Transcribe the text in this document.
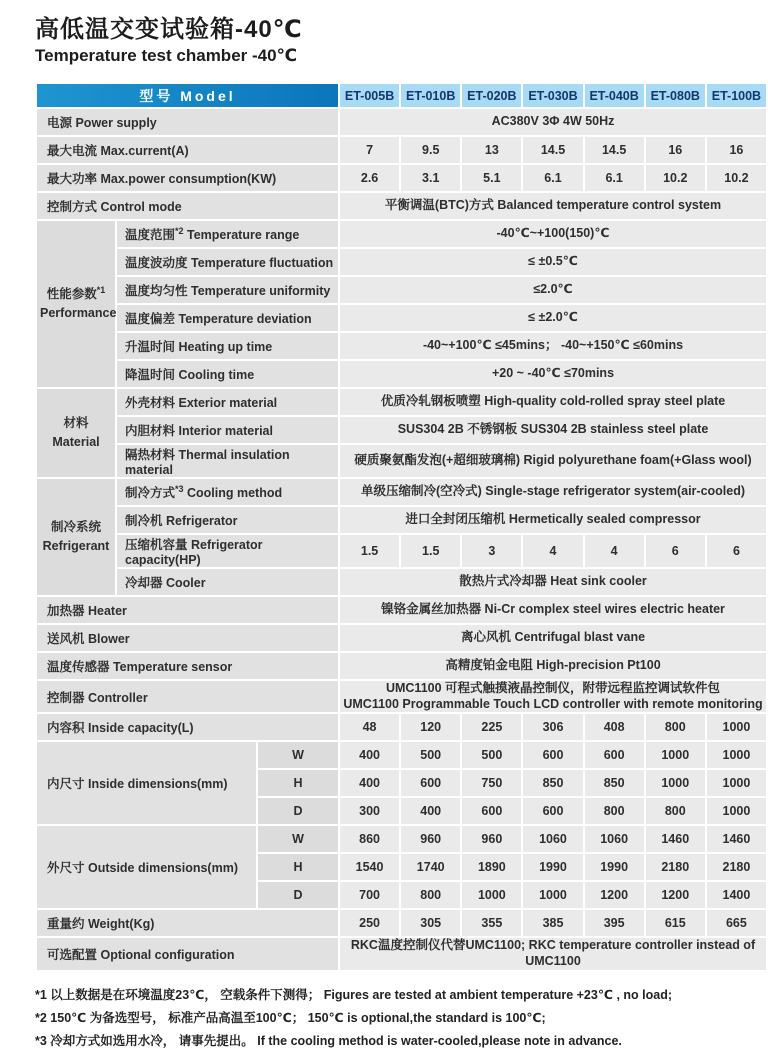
高低温交变试验箱-40℃
Temperature test chamber -40℃
型号 Model			ET-005B	ET-010B	ET-020B	ET-030B	ET-040B	ET-080B	ET-100B
电源 Power supply			AC380V 3Φ 4W 50Hz						
最大电流 Max.current(A)			7	9.5	13	14.5	14.5	16	16
最大功率 Max.power consumption(KW)			2.6	3.1	5.1	6.1	6.1	10.2	10.2
控制方式 Control mode			平衡调温(BTC)方式 Balanced temperature control system						

性能参数$^{*1}$
Performance	温度范围$^{*2}$ Temperature range		-40℃~+100(150)℃						
	温度波动度 Temperature fluctuation		≤ ±0.5℃						
	温度均匀性 Temperature uniformity		≤2.0℃						
	温度偏差 Temperature deviation		≤ ±2.0℃						
	升温时间 Heating up time		-40~+100℃ ≤45mins； -40~+150℃ ≤60mins						
	降温时间 Cooling time		+20 ~ -40℃ ≤70mins						

材料
Material	外壳材料 Exterior material		优质冷轧钢板喷塑 High-quality cold-rolled spray steel plate						
	内胆材料 Interior material		SUS304 2B 不锈钢板 SUS304 2B stainless steel plate						
	隔热材料 Thermal insulation material		硬质聚氨酯发泡(+超细玻璃棉) Rigid polyurethane foam(+Glass wool)						

制冷系统
Refrigerant	制冷方式$^{*3}$ Cooling method		单级压缩制冷(空冷式) Single-stage refrigerator system(air-cooled)						
	制冷机 Refrigerator		进口全封闭压缩机 Hermetically sealed compressor						
	压缩机容量 Refrigerator capacity(HP)		1.5	1.5	3	4	4	6	6
	冷却器 Cooler		散热片式冷却器 Heat sink cooler						
加热器 Heater			镍铬金属丝加热器 Ni-Cr complex steel wires electric heater						
送风机 Blower			离心风机 Centrifugal blast vane						
温度传感器 Temperature sensor			高精度铂金电阻 High-precision Pt100						
控制器 Controller			UMC1100 可程式触摸液晶控制仪，附带远程监控调试软件包
UMC1100 Programmable Touch LCD controller with remote monitoring						

内容积 Inside capacity(L)			48	120	225	306	408	800	1000
内尺寸 Inside dimensions(mm)		W	400	500	500	600	600	1000	1000
		H	400	600	750	850	850	1000	1000
		D	300	400	600	600	800	800	1000
外尺寸 Outside dimensions(mm)		W	860	960	960	1060	1060	1460	1460
		H	1540	1740	1890	1990	1990	2180	2180
		D	700	800	1000	1000	1200	1200	1400
重量约 Weight(Kg)			250	305	355	385	395	615	665
可选配置 Optional configuration			RKC温度控制仪代替UMC1100; RKC temperature controller instead of UMC1100						
*1 以上数据是在环境温度23℃， 空载条件下测得； Figures are tested at ambient temperature +23℃ , no load;
*2 150℃ 为备选型号， 标准产品高温至100℃； 150℃ is optional,the standard is 100℃;
*3 冷却方式如选用水冷， 请事先提出。 If the cooling method is water-cooled,please note in advance.
